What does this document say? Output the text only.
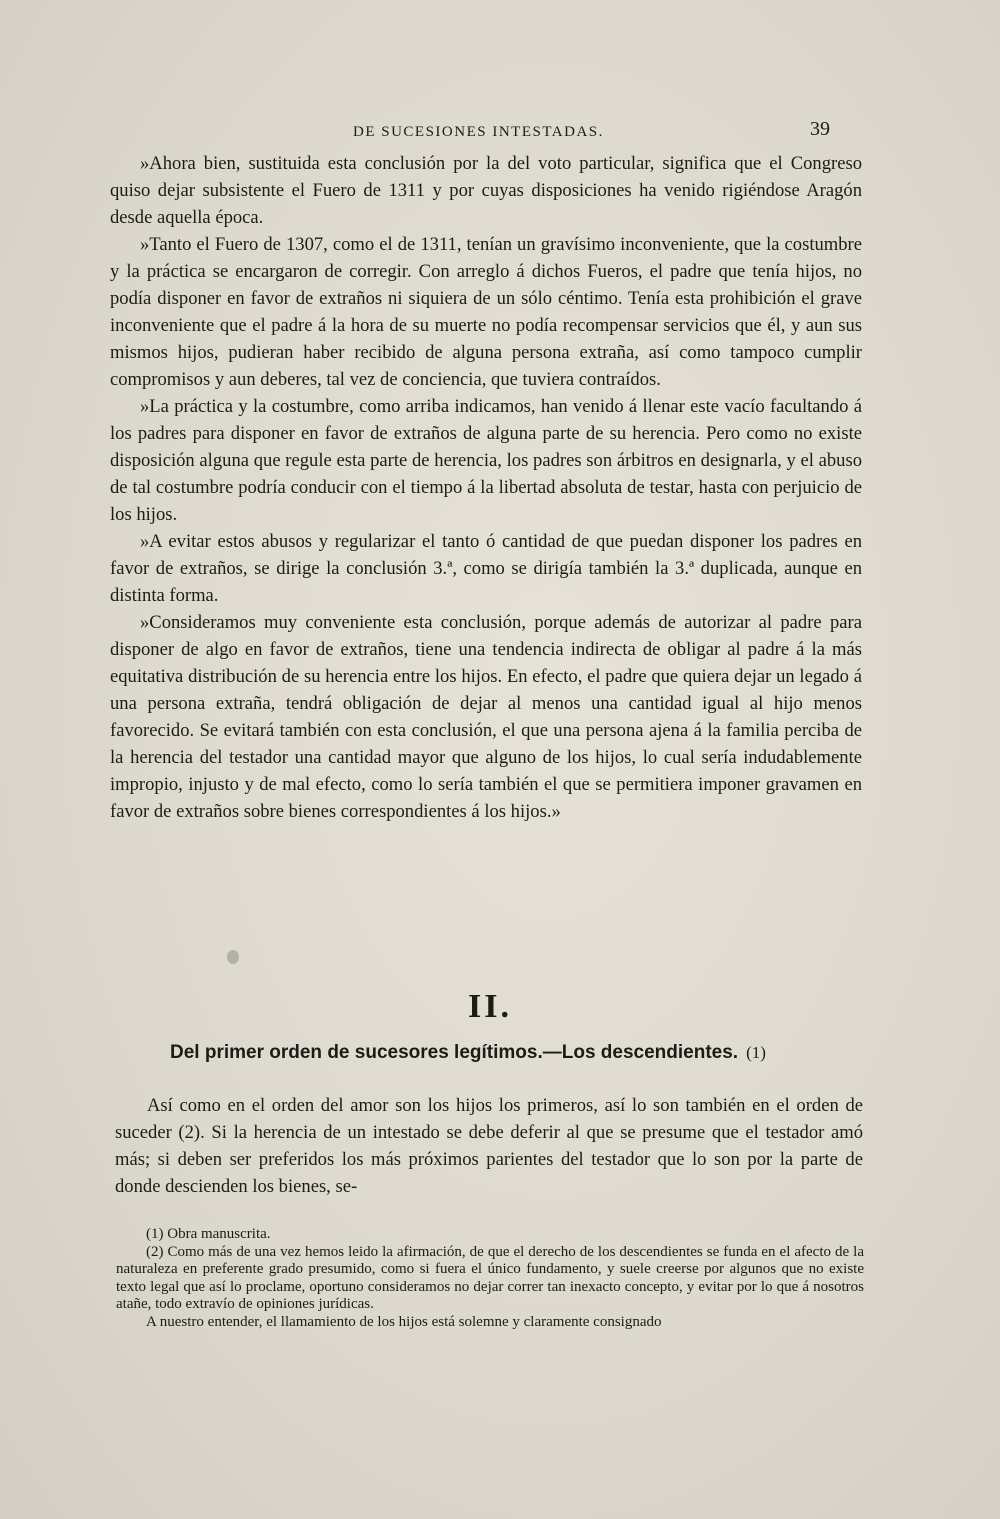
DE SUCESIONES INTESTADAS.	39

»Ahora bien, sustituida esta conclusión por la del voto particular, significa que el Congreso quiso dejar subsistente el Fuero de 1311 y por cuyas disposiciones ha venido rigiéndose Aragón desde aquella época.

»Tanto el Fuero de 1307, como el de 1311, tenían un gravísimo inconveniente, que la costumbre y la práctica se encargaron de corregir. Con arreglo á dichos Fueros, el padre que tenía hijos, no podía disponer en favor de extraños ni siquiera de un sólo céntimo. Tenía esta prohibición el grave inconveniente que el padre á la hora de su muerte no podía recompensar servicios que él, y aun sus mismos hijos, pudieran haber recibido de alguna persona extraña, así como tampoco cumplir compromisos y aun deberes, tal vez de conciencia, que tuviera contraídos.

»La práctica y la costumbre, como arriba indicamos, han venido á llenar este vacío facultando á los padres para disponer en favor de extraños de alguna parte de su herencia. Pero como no existe disposición alguna que regule esta parte de herencia, los padres son árbitros en designarla, y el abuso de tal costumbre podría conducir con el tiempo á la libertad absoluta de testar, hasta con perjuicio de los hijos.

»A evitar estos abusos y regularizar el tanto ó cantidad de que puedan disponer los padres en favor de extraños, se dirige la conclusión 3.ª, como se dirigía también la 3.ª duplicada, aunque en distinta forma.

»Consideramos muy conveniente esta conclusión, porque además de autorizar al padre para disponer de algo en favor de extraños, tiene una tendencia indirecta de obligar al padre á la más equitativa distribución de su herencia entre los hijos. En efecto, el padre que quiera dejar un legado á una persona extraña, tendrá obligación de dejar al menos una cantidad igual al hijo menos favorecido. Se evitará también con esta conclusión, el que una persona ajena á la familia perciba de la herencia del testador una cantidad mayor que alguno de los hijos, lo cual sería indudablemente impropio, injusto y de mal efecto, como lo sería también el que se permitiera imponer gravamen en favor de extraños sobre bienes correspondientes á los hijos.»

II.
Del primer orden de sucesores legítimos.—Los descendientes. (1)

Así como en el orden del amor son los hijos los primeros, así lo son también en el orden de suceder (2). Si la herencia de un intestado se debe deferir al que se presume que el testador amó más; si deben ser preferidos los más próximos parientes del testador que lo son por la parte de donde descienden los bienes, se-

(1) Obra manuscrita.

(2) Como más de una vez hemos leido la afirmación, de que el derecho de los descendientes se funda en el afecto de la naturaleza en preferente grado presumido, como si fuera el único fundamento, y suele creerse por algunos que no existe texto legal que así lo proclame, oportuno consideramos no dejar correr tan inexacto concepto, y evitar por lo que á nosotros atañe, todo extravío de opiniones jurídicas.

A nuestro entender, el llamamiento de los hijos está solemne y claramente consignado
